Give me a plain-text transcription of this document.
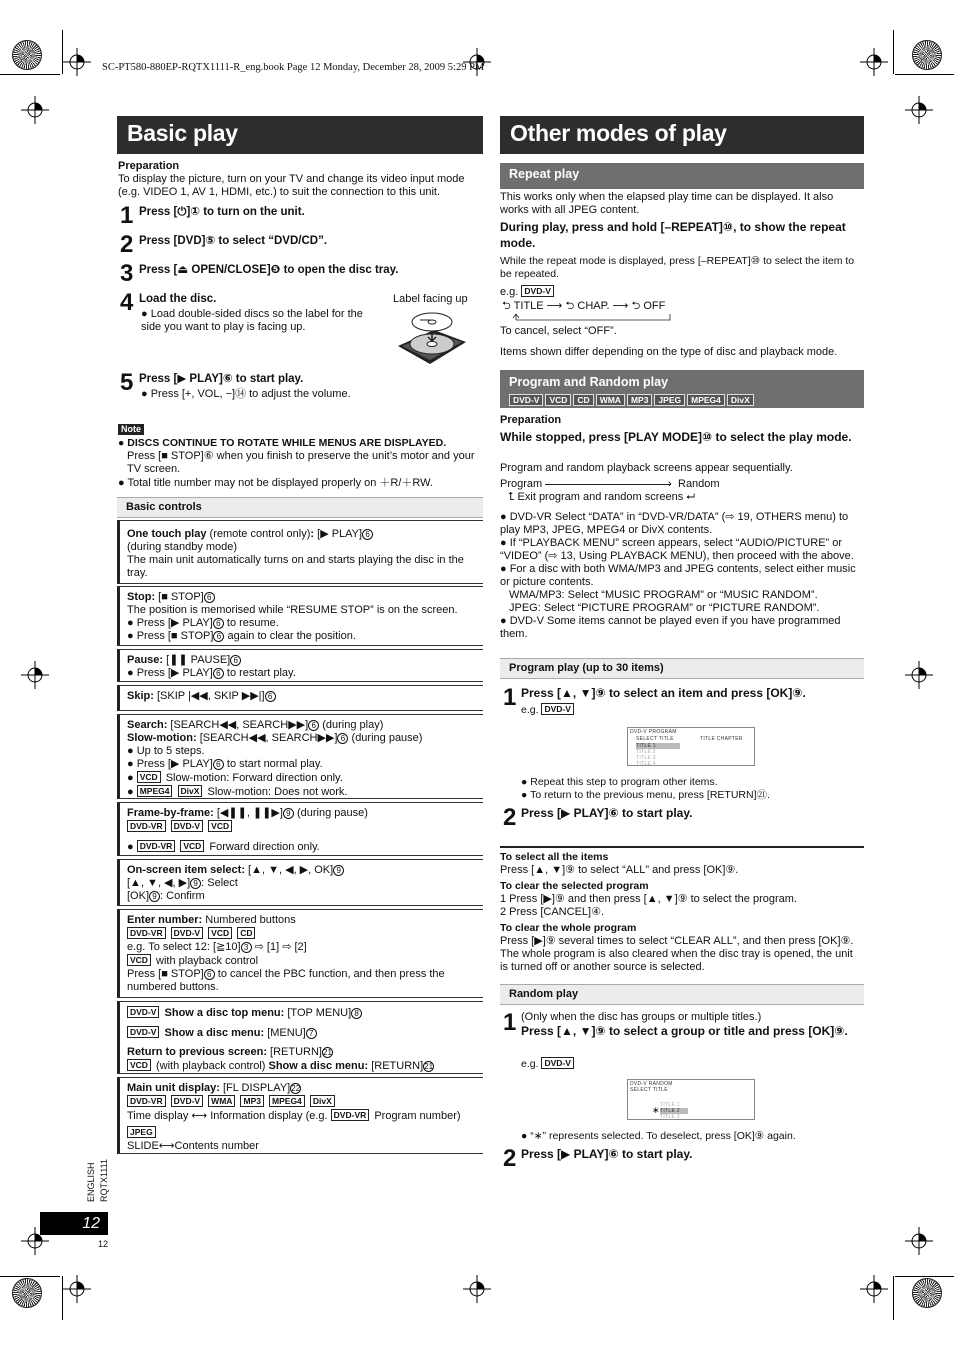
SC-PT580-880EP-RQTX1111-R_eng.book Page 12 Monday, December 28, 2009 5:29 PM
Basic play
Preparation
To display the picture, turn on your TV and change its video input mode (e.g. VIDEO 1, AV 1, HDMI, etc.) to suit the connection to this unit.
1 Press [⏻]① to turn on the unit.
2 Press [DVD]⑤ to select “DVD/CD”.
3 Press [⏏ OPEN/CLOSE]❺ to open the disc tray.
4 Load the disc.
● Load double-sided discs so the label for the side you want to play is facing up.
Label facing up
5 Press [▶ PLAY]⑥ to start play.
● Press [+, VOL, −]⑭ to adjust the volume.
Note
● DISCS CONTINUE TO ROTATE WHILE MENUS ARE DISPLAYED.
Press [■ STOP]⑥ when you finish to preserve the unit’s motor and your TV screen.
● Total title number may not be displayed properly on ＋R/＋RW.
Basic controls

One touch play (remote control only): [▶ PLAY] 6

(during standby mode)

The main unit automatically turns on and starts playing the disc in the tray.

Stop: [■ STOP] 6

The position is memorised while “RESUME STOP” is on the screen.

● Press [▶ PLAY] 6 to resume.

● Press [■ STOP] 6 again to clear the position.

Pause: [❚❚ PAUSE] 6

● Press [▶ PLAY] 6 to restart play.

Skip: [SKIP |◀◀, SKIP ▶▶|] 6

Search: [SEARCH◀◀, SEARCH▶▶] 6 (during play)

Slow-motion: [SEARCH◀◀, SEARCH▶▶] 6 (during pause)

● Up to 5 steps.

● Press [▶ PLAY] 6 to start normal play.

● VCD Slow-motion: Forward direction only.

● MPEG4 DivX Slow-motion: Does not work.

Frame-by-frame: [◀❚❚, ❚❚▶] 9 (during pause)

DVD-VR DVD-V VCD

● DVD-VR VCD Forward direction only.

On-screen item select: [▲, ▼, ◀, ▶, OK] 9

[▲, ▼, ◀, ▶] 9 : Select

[OK] 9 : Confirm

Enter number: Numbered buttons

DVD-VR DVD-V VCD CD

e.g. To select 12: [≧10] 3 ⇨ [1] ⇨ [2]

VCD with playback control

Press [■ STOP] 6 to cancel the PBC function, and then press the numbered buttons.

DVD-V Show a disc top menu: [TOP MENU] 8

DVD-V Show a disc menu: [MENU] 7

Return to previous screen: [RETURN]21

VCD (with playback control) Show a disc menu: [RETURN]21

Main unit display: [FL DISPLAY]22

DVD-VR DVD-V WMA MP3 MPEG4 DivX

Time display ⟷ Information display (e.g. DVD-VR Program number)

JPEG

SLIDE⟷Contents number

Other modes of play
Repeat play
This works only when the elapsed play time can be displayed. It also works with all JPEG content.
During play, press and hold [–REPEAT]⑩, to show the repeat mode.
While the repeat mode is displayed, press [–REPEAT]⑩ to select the item to be repeated.
e.g. DVD-V
⮌ TITLE ⟶ ⮌ CHAP. ⟶ ⮌ OFF
To cancel, select “OFF”.
Items shown differ depending on the type of disc and playback mode.
Program and Random play
DVD-V VCD CD WMA MP3 JPEG MPEG4 DivX
Preparation
While stopped, press [PLAY MODE]⑩ to select the play mode.
Program and random playback screens appear sequentially.
Program	› Random
⮤ Exit program and random screens ⮠
● DVD-VR Select “DATA” in “DVD-VR/DATA” (⇨ 19, OTHERS menu) to play MP3, JPEG, MPEG4 or DivX contents.
● If “PLAYBACK MENU” screen appears, select “AUDIO/PICTURE” or “VIDEO” (⇨ 13, Using PLAYBACK MENU), then proceed with the above.
● For a disc with both WMA/MP3 and JPEG contents, select either music or picture contents.
WMA/MP3: Select “MUSIC PROGRAM” or “MUSIC RANDOM”.
JPEG: Select “PICTURE PROGRAM” or “PICTURE RANDOM”.
● DVD-V Some items cannot be played even if you have programmed them.
Program play (up to 30 items)
1 Press [▲, ▼]⑨ to select an item and press [OK]⑨.
e.g. DVD-V
DVD-V PROGRAM
SELECT TITLE	TITLE CHAPTER
TITLE 1
TITLE 2
TITLE 3
TITLE 4
● Repeat this step to program other items.
● To return to the previous menu, press [RETURN]㉑.
2 Press [▶ PLAY]⑥ to start play.
To select all the items
Press [▲, ▼]⑨ to select “ALL” and press [OK]⑨.
To clear the selected program
1 Press [▶]⑨ and then press [▲, ▼]⑨ to select the program.
2 Press [CANCEL]④.
To clear the whole program
Press [▶]⑨ several times to select “CLEAR ALL”, and then press [OK]⑨. The whole program is also cleared when the disc tray is opened, the unit is turned off or another source is selected.
Random play
1 (Only when the disc has groups or multiple titles.)
Press [▲, ▼]⑨ to select a group or title and press [OK]⑨.
e.g. DVD-V
DVD-V RANDOM
SELECT TITLE
TITLE 1
TITLE 2
TITLE 3
∗
● “∗” represents selected. To deselect, press [OK]⑨ again.
2 Press [▶ PLAY]⑥ to start play.
ENGLISH RQTX1111
12
12
